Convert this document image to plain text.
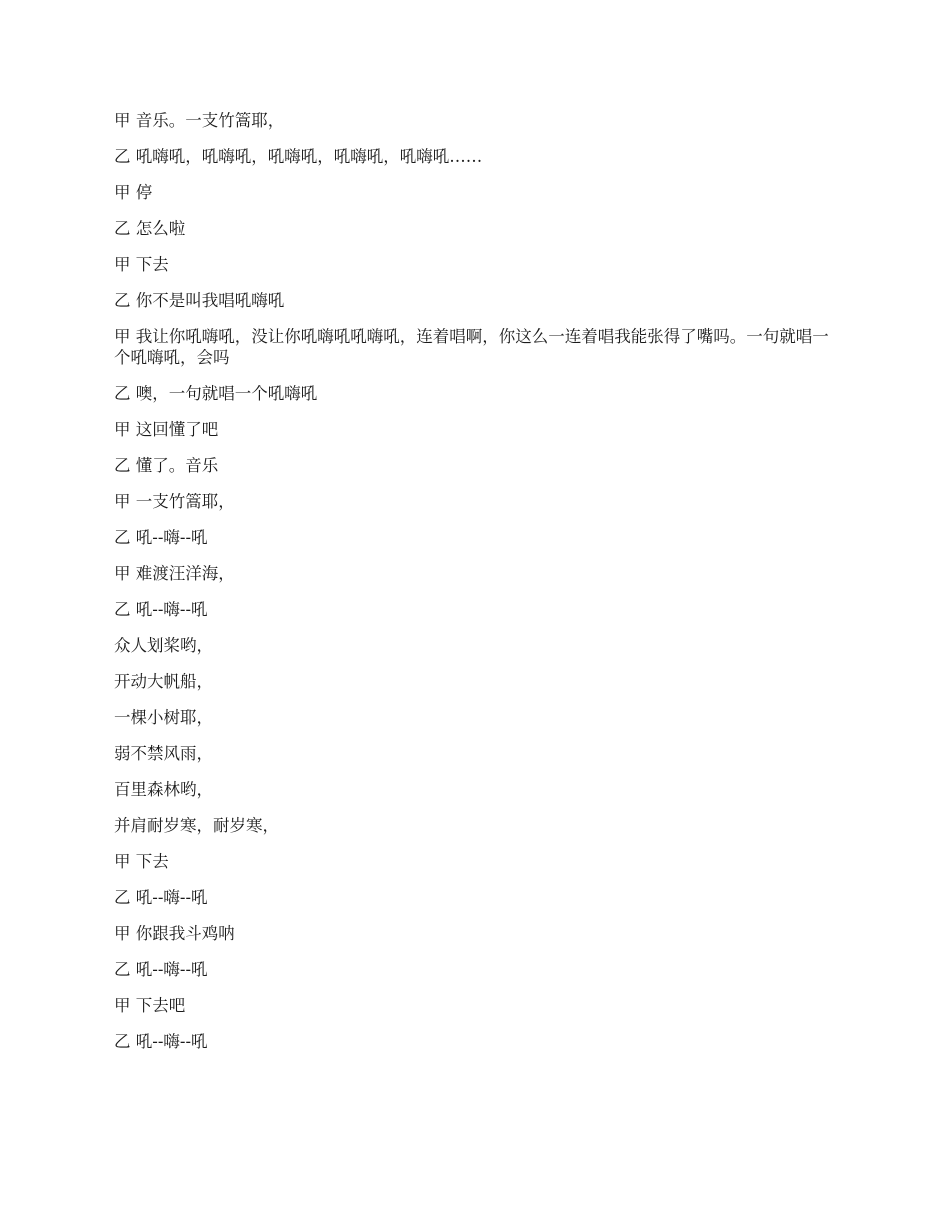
甲 音乐。一支竹篙耶，

乙 吼嗨吼，吼嗨吼，吼嗨吼，吼嗨吼，吼嗨吼……

甲 停

乙 怎么啦

甲 下去

乙 你不是叫我唱吼嗨吼

甲 我让你吼嗨吼，没让你吼嗨吼吼嗨吼，连着唱啊，你这么一连着唱我能张得了嘴吗。一句就唱一个吼嗨吼，会吗

乙 噢，一句就唱一个吼嗨吼

甲 这回懂了吧

乙 懂了。音乐

甲 一支竹篙耶，

乙 吼--嗨--吼

甲 难渡汪洋海，

乙 吼--嗨--吼

众人划桨哟，

开动大帆船，

一棵小树耶，

弱不禁风雨，

百里森林哟，

并肩耐岁寒，耐岁寒，

甲 下去

乙 吼--嗨--吼

甲 你跟我斗鸡呐

乙 吼--嗨--吼

甲 下去吧

乙 吼--嗨--吼
